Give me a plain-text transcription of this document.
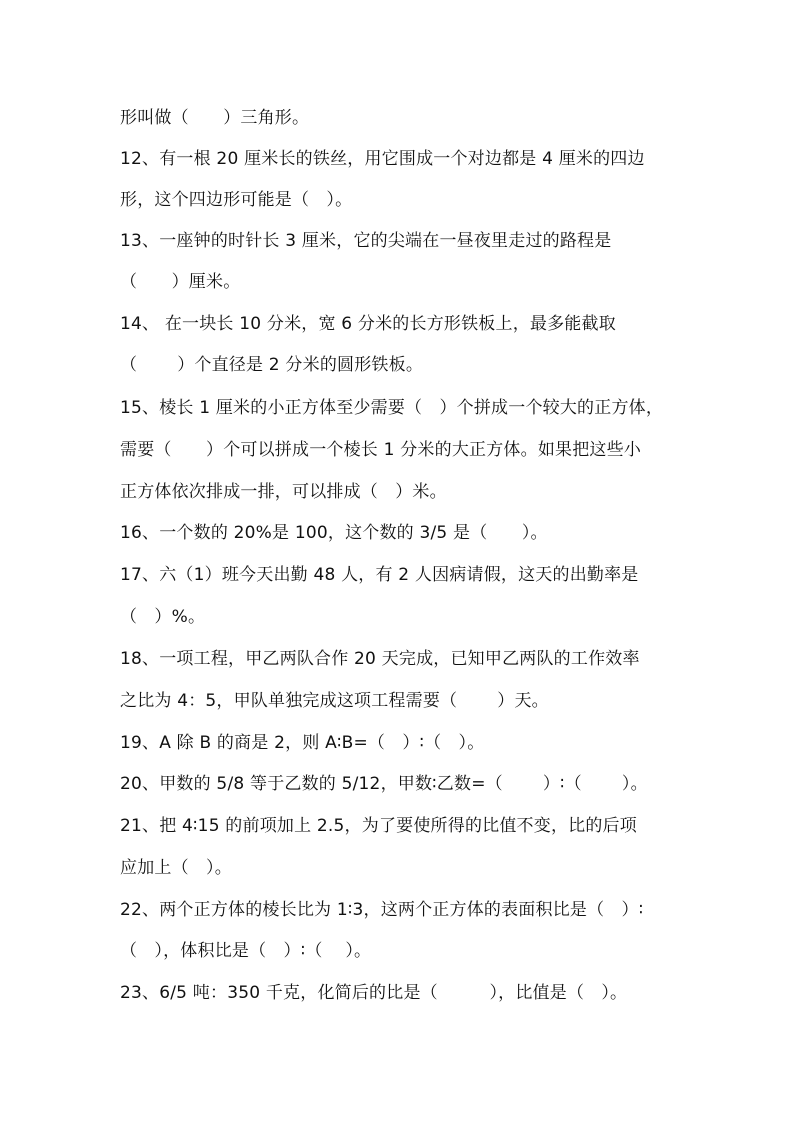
形叫做（　　）三角形。
12、有一根 20 厘米长的铁丝，用它围成一个对边都是 4 厘米的四边
形，这个四边形可能是（　）。
13、一座钟的时针长 3 厘米，它的尖端在一昼夜里走过的路程是
（　　）厘米。
14、 在一块长 10 分米，宽 6 分米的长方形铁板上，最多能截取
（　　 ）个直径是 2 分米的圆形铁板。
15、棱长 1 厘米的小正方体至少需要（　）个拼成一个较大的正方体，
需要（　　）个可以拼成一个棱长 1 分米的大正方体。如果把这些小
正方体依次排成一排，可以排成（　）米。
16、一个数的 20%是 100，这个数的 3/5 是（　　）。
17、六（1）班今天出勤 48 人，有 2 人因病请假，这天的出勤率是
（　）%。
18、一项工程，甲乙两队合作 20 天完成，已知甲乙两队的工作效率
之比为 4：5，甲队单独完成这项工程需要（　　 ）天。
19、A 除 B 的商是 2，则 A∶B=（　）∶（　）。
20、甲数的 5/8 等于乙数的 5/12，甲数∶乙数=（　　 ）∶（　　 ）。
21、把 4∶15 的前项加上 2.5，为了要使所得的比值不变，比的后项
应加上（　）。
22、两个正方体的棱长比为 1∶3，这两个正方体的表面积比是（　）∶
（　），体积比是（　）∶（　 ）。
23、6/5 吨：350 千克，化简后的比是（　　　），比值是（　）。
